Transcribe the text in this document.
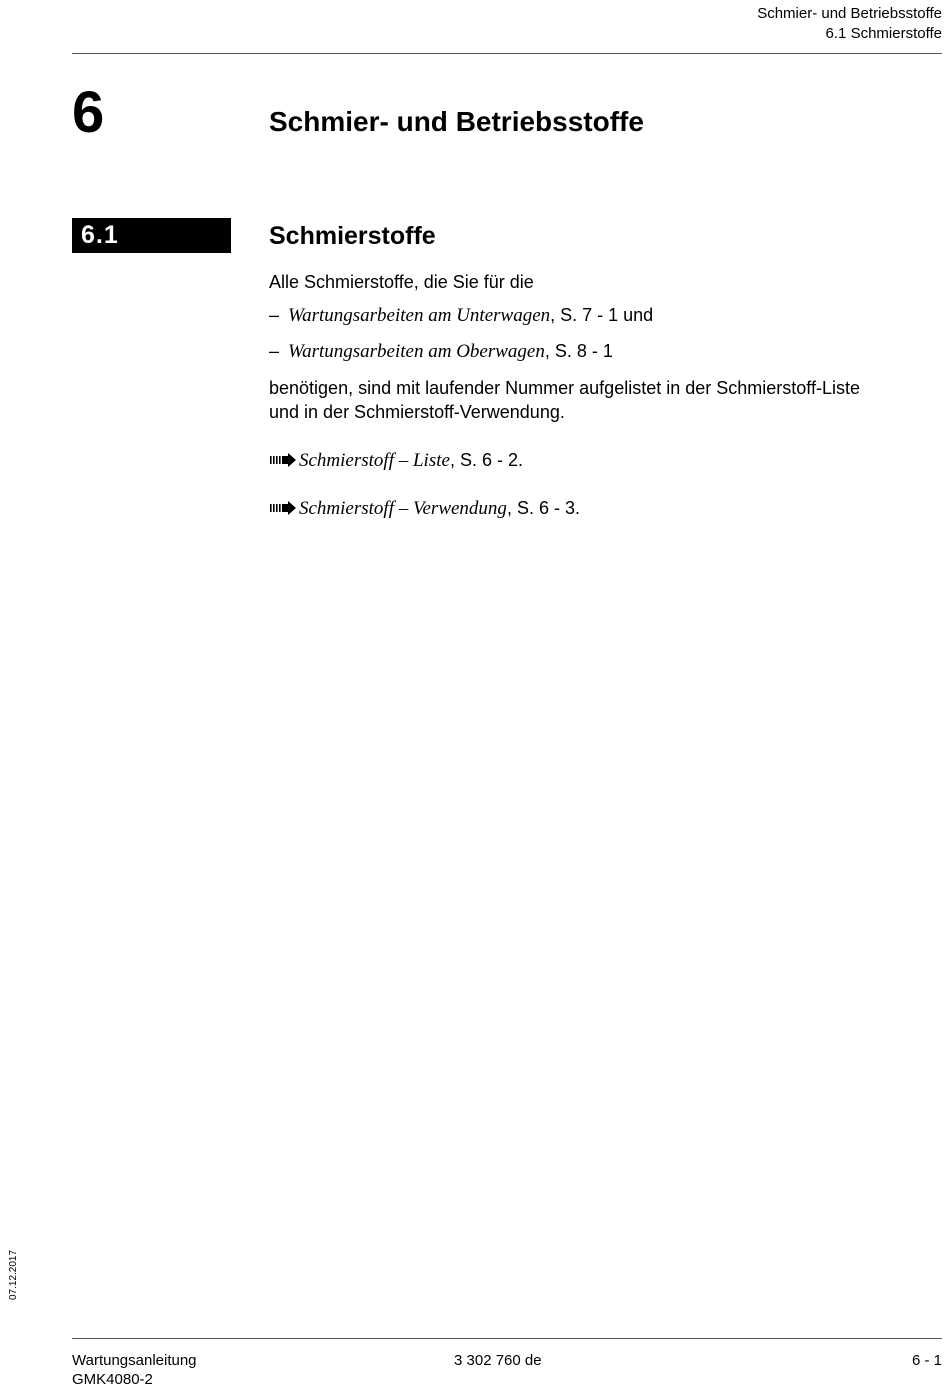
Schmier- und Betriebsstoffe
6.1 Schmierstoffe
6	Schmier- und Betriebsstoffe
6.1	Schmierstoffe
Alle Schmierstoffe, die Sie für die
– Wartungsarbeiten am Unterwagen, S. 7 - 1 und
– Wartungsarbeiten am Oberwagen, S. 8 - 1
benötigen, sind mit laufender Nummer aufgelistet in der Schmierstoff-Liste
und in der Schmierstoff-Verwendung.
Schmierstoff – Liste, S. 6 - 2.
Schmierstoff – Verwendung, S. 6 - 3.
07.12.2017
Wartungsanleitung
GMK4080-2
3 302 760 de	6 - 1
